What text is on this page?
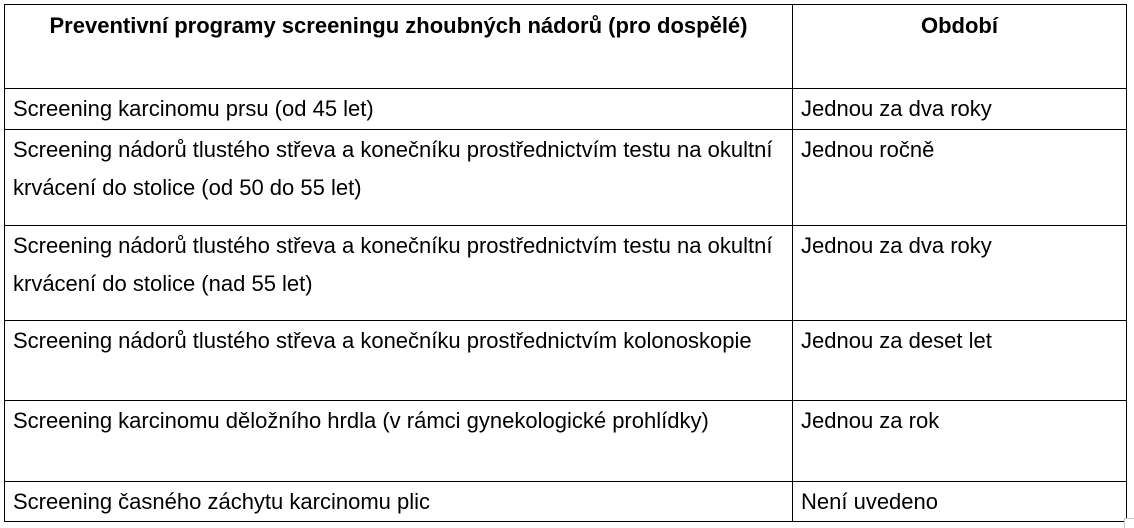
Preventivní programy screeningu zhoubných nádorů (pro dospělé)	Období
Screening karcinomu prsu (od 45 let)	Jednou za dva roky
Screening nádorů tlustého střeva a konečníku prostřednictvím testu na okultní krvácení do stolice (od 50 do 55 let)	Jednou ročně
Screening nádorů tlustého střeva a konečníku prostřednictvím testu na okultní krvácení do stolice (nad 55 let)	Jednou za dva roky
Screening nádorů tlustého střeva a konečníku prostřednictvím kolonoskopie	Jednou za deset let
Screening karcinomu děložního hrdla (v rámci gynekologické prohlídky)	Jednou za rok
Screening časného záchytu karcinomu plic	Není uvedeno
